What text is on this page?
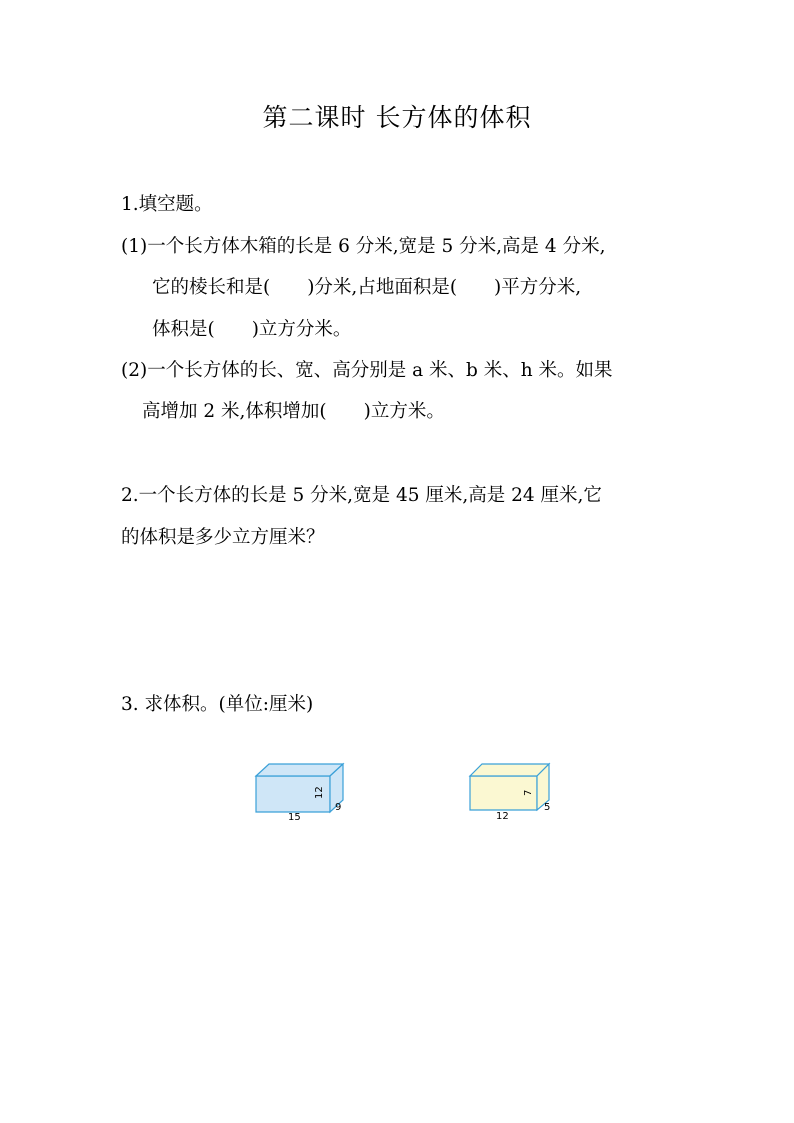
第二课时 长方体的体积
1.填空题。
(1)一个长方体木箱的长是 6 分米,宽是 5 分米,高是 4 分米,
它的棱长和是(　　)分米,占地面积是(　　)平方分米,
体积是(　　)立方分米。
(2)一个长方体的长、宽、高分别是 a 米、b 米、h 米。如果
高增加 2 米,体积增加(　　)立方米。
2.一个长方体的长是 5 分米,宽是 45 厘米,高是 24 厘米,它
的体积是多少立方厘米？
3. 求体积。(单位:厘米)
15
9
12
12
5
7
